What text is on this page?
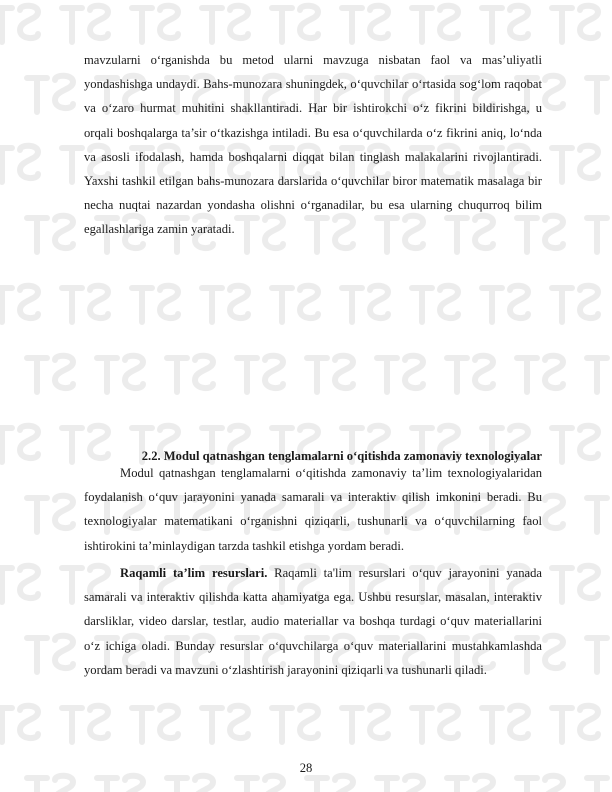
mavzularni o‘rganishda bu metod ularni mavzuga nisbatan faol va mas’uliyatli yondashishga undaydi. Bahs-munozara shuningdek, o‘quvchilar o‘rtasida sog‘lom raqobat va o‘zaro hurmat muhitini shakllantiradi. Har bir ishtirokchi o‘z fikrini bildirishga, u orqali boshqalarga ta’sir o‘tkazishga intiladi. Bu esa o‘quvchilarda o‘z fikrini aniq, lo‘nda va asosli ifodalash, hamda boshqalarni diqqat bilan tinglash malakalarini rivojlantiradi. Yaxshi tashkil etilgan bahs-munozara darslarida o‘quvchilar biror matematik masalaga bir necha nuqtai nazardan yondasha olishni o‘rganadilar, bu esa ularning chuqurroq bilim egallashlariga zamin yaratadi.

2.2. Modul qatnashgan tenglamalarni o‘qitishda zamonaviy texnologiyalar

Modul qatnashgan tenglamalarni o‘qitishda zamonaviy ta’lim texnologiyalaridan foydalanish o‘quv jarayonini yanada samarali va interaktiv qilish imkonini beradi. Bu texnologiyalar matematikani o‘rganishni qiziqarli, tushunarli va o‘quvchilarning faol ishtirokini ta’minlaydigan tarzda tashkil etishga yordam beradi.

Raqamli ta’lim resurslari. Raqamli ta'lim resurslari o‘quv jarayonini yanada samarali va interaktiv qilishda katta ahamiyatga ega. Ushbu resurslar, masalan, interaktiv darsliklar, video darslar, testlar, audio materiallar va boshqa turdagi o‘quv materiallarini o‘z ichiga oladi. Bunday resurslar o‘quvchilarga o‘quv materiallarini mustahkamlashda yordam beradi va mavzuni o‘zlashtirish jarayonini qiziqarli va tushunarli qiladi.

28
